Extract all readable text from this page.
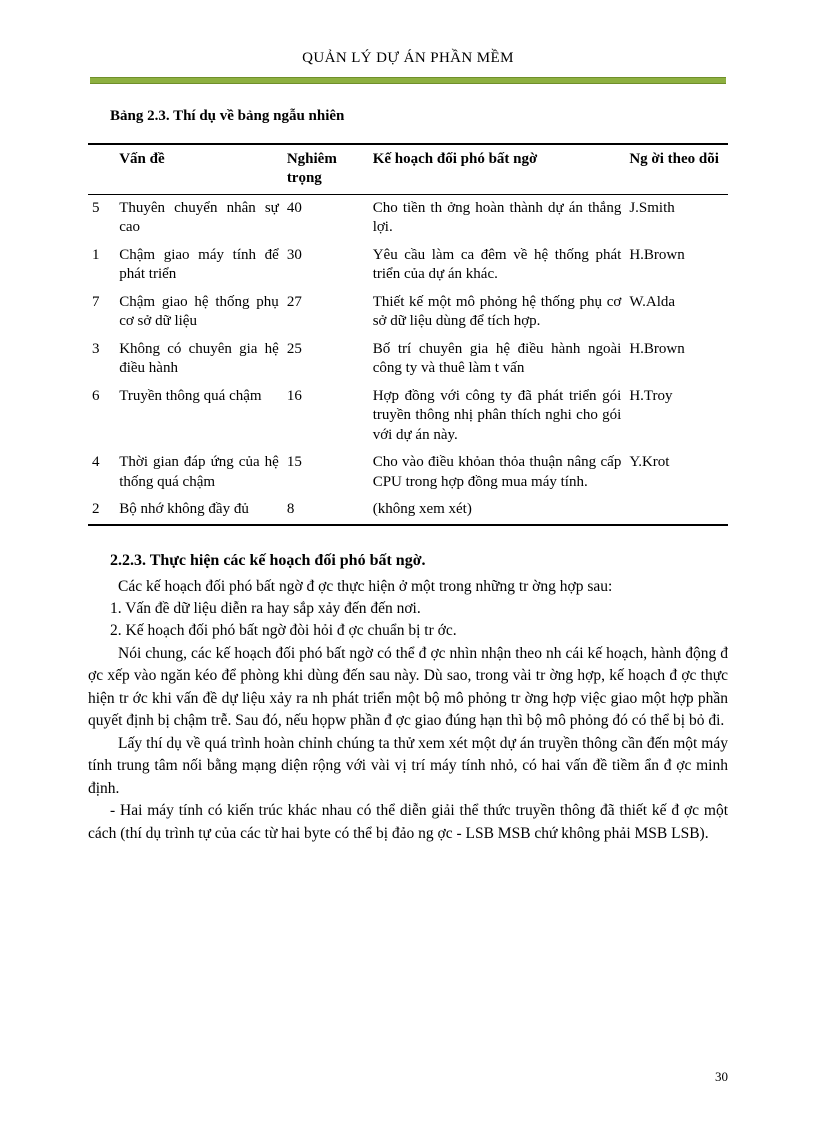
QUẢN LÝ DỰ ÁN PHẦN MỀM
Bảng 2.3. Thí dụ về bảng ngẫu nhiên
	Vấn đề	Nghiêm trọng	Kế hoạch đối phó bất ngờ	Ng ời theo dõi
5	Thuyên chuyển nhân sự cao	40	Cho tiền th ởng hoàn thành dự án thắng lợi.	J.Smith
1	Chậm giao máy tính để phát triển	30	Yêu cầu làm ca đêm về hệ thống phát triển của dự án khác.	H.Brown
7	Chậm giao hệ thống phụ cơ sở dữ liệu	27	Thiết kế một mô phỏng hệ thống phụ cơ sở dữ liệu dùng để tích hợp.	W.Alda
3	Không có chuyên gia hệ điều hành	25	Bố trí chuyên gia hệ điều hành ngoài công ty và thuê làm t vấn	H.Brown
6	Truyền thông quá chậm	16	Hợp đồng với công ty đã phát triển gói truyền thông nhị phân thích nghi cho gói với dự án này.	H.Troy
4	Thời gian đáp ứng của hệ thống quá chậm	15	Cho vào điều khỏan thỏa thuận nâng cấp CPU trong hợp đồng mua máy tính.	Y.Krot
2	Bộ nhớ không đầy đủ	8	(không xem xét)	
2.2.3. Thực hiện các kế hoạch đối phó bất ngờ.

Các kế hoạch đối phó bất ngờ đ ợc thực hiện ở một trong những tr ờng hợp sau:

1. Vấn đề dữ liệu diễn ra hay sắp xảy đến đến nơi.

2. Kế hoạch đối phó bất ngờ đòi hỏi đ ợc chuẩn bị tr ớc.

Nói chung, các kế hoạch đối phó bất ngờ có thể đ ợc nhìn nhận theo nh cái kế hoạch, hành động đ ợc xếp vào ngăn kéo để phòng khi dùng đến sau này. Dù sao, trong vài tr ờng hợp, kế hoạch đ ợc thực hiện tr ớc khi vấn đề dự liệu xảy ra nh phát triển một bộ mô phỏng tr ờng hợp việc giao một hợp phần quyết định bị chậm trễ. Sau đó, nếu họpw phần đ ợc giao đúng hạn thì bộ mô phỏng đó có thể bị bỏ đi.

Lấy thí dụ về quá trình hoàn chỉnh chúng ta thử xem xét một dự án truyền thông cần đến một máy tính trung tâm nối bằng mạng diện rộng với vài vị trí máy tính nhỏ, có hai vấn đề tiềm ẩn đ ợc minh định.

- Hai máy tính có kiến trúc khác nhau có thể diễn giải thể thức truyền thông đã thiết kế đ ợc một cách (thí dụ trình tự của các từ hai byte có thể bị đảo ng ợc - LSB MSB chứ không phải MSB LSB).

30
